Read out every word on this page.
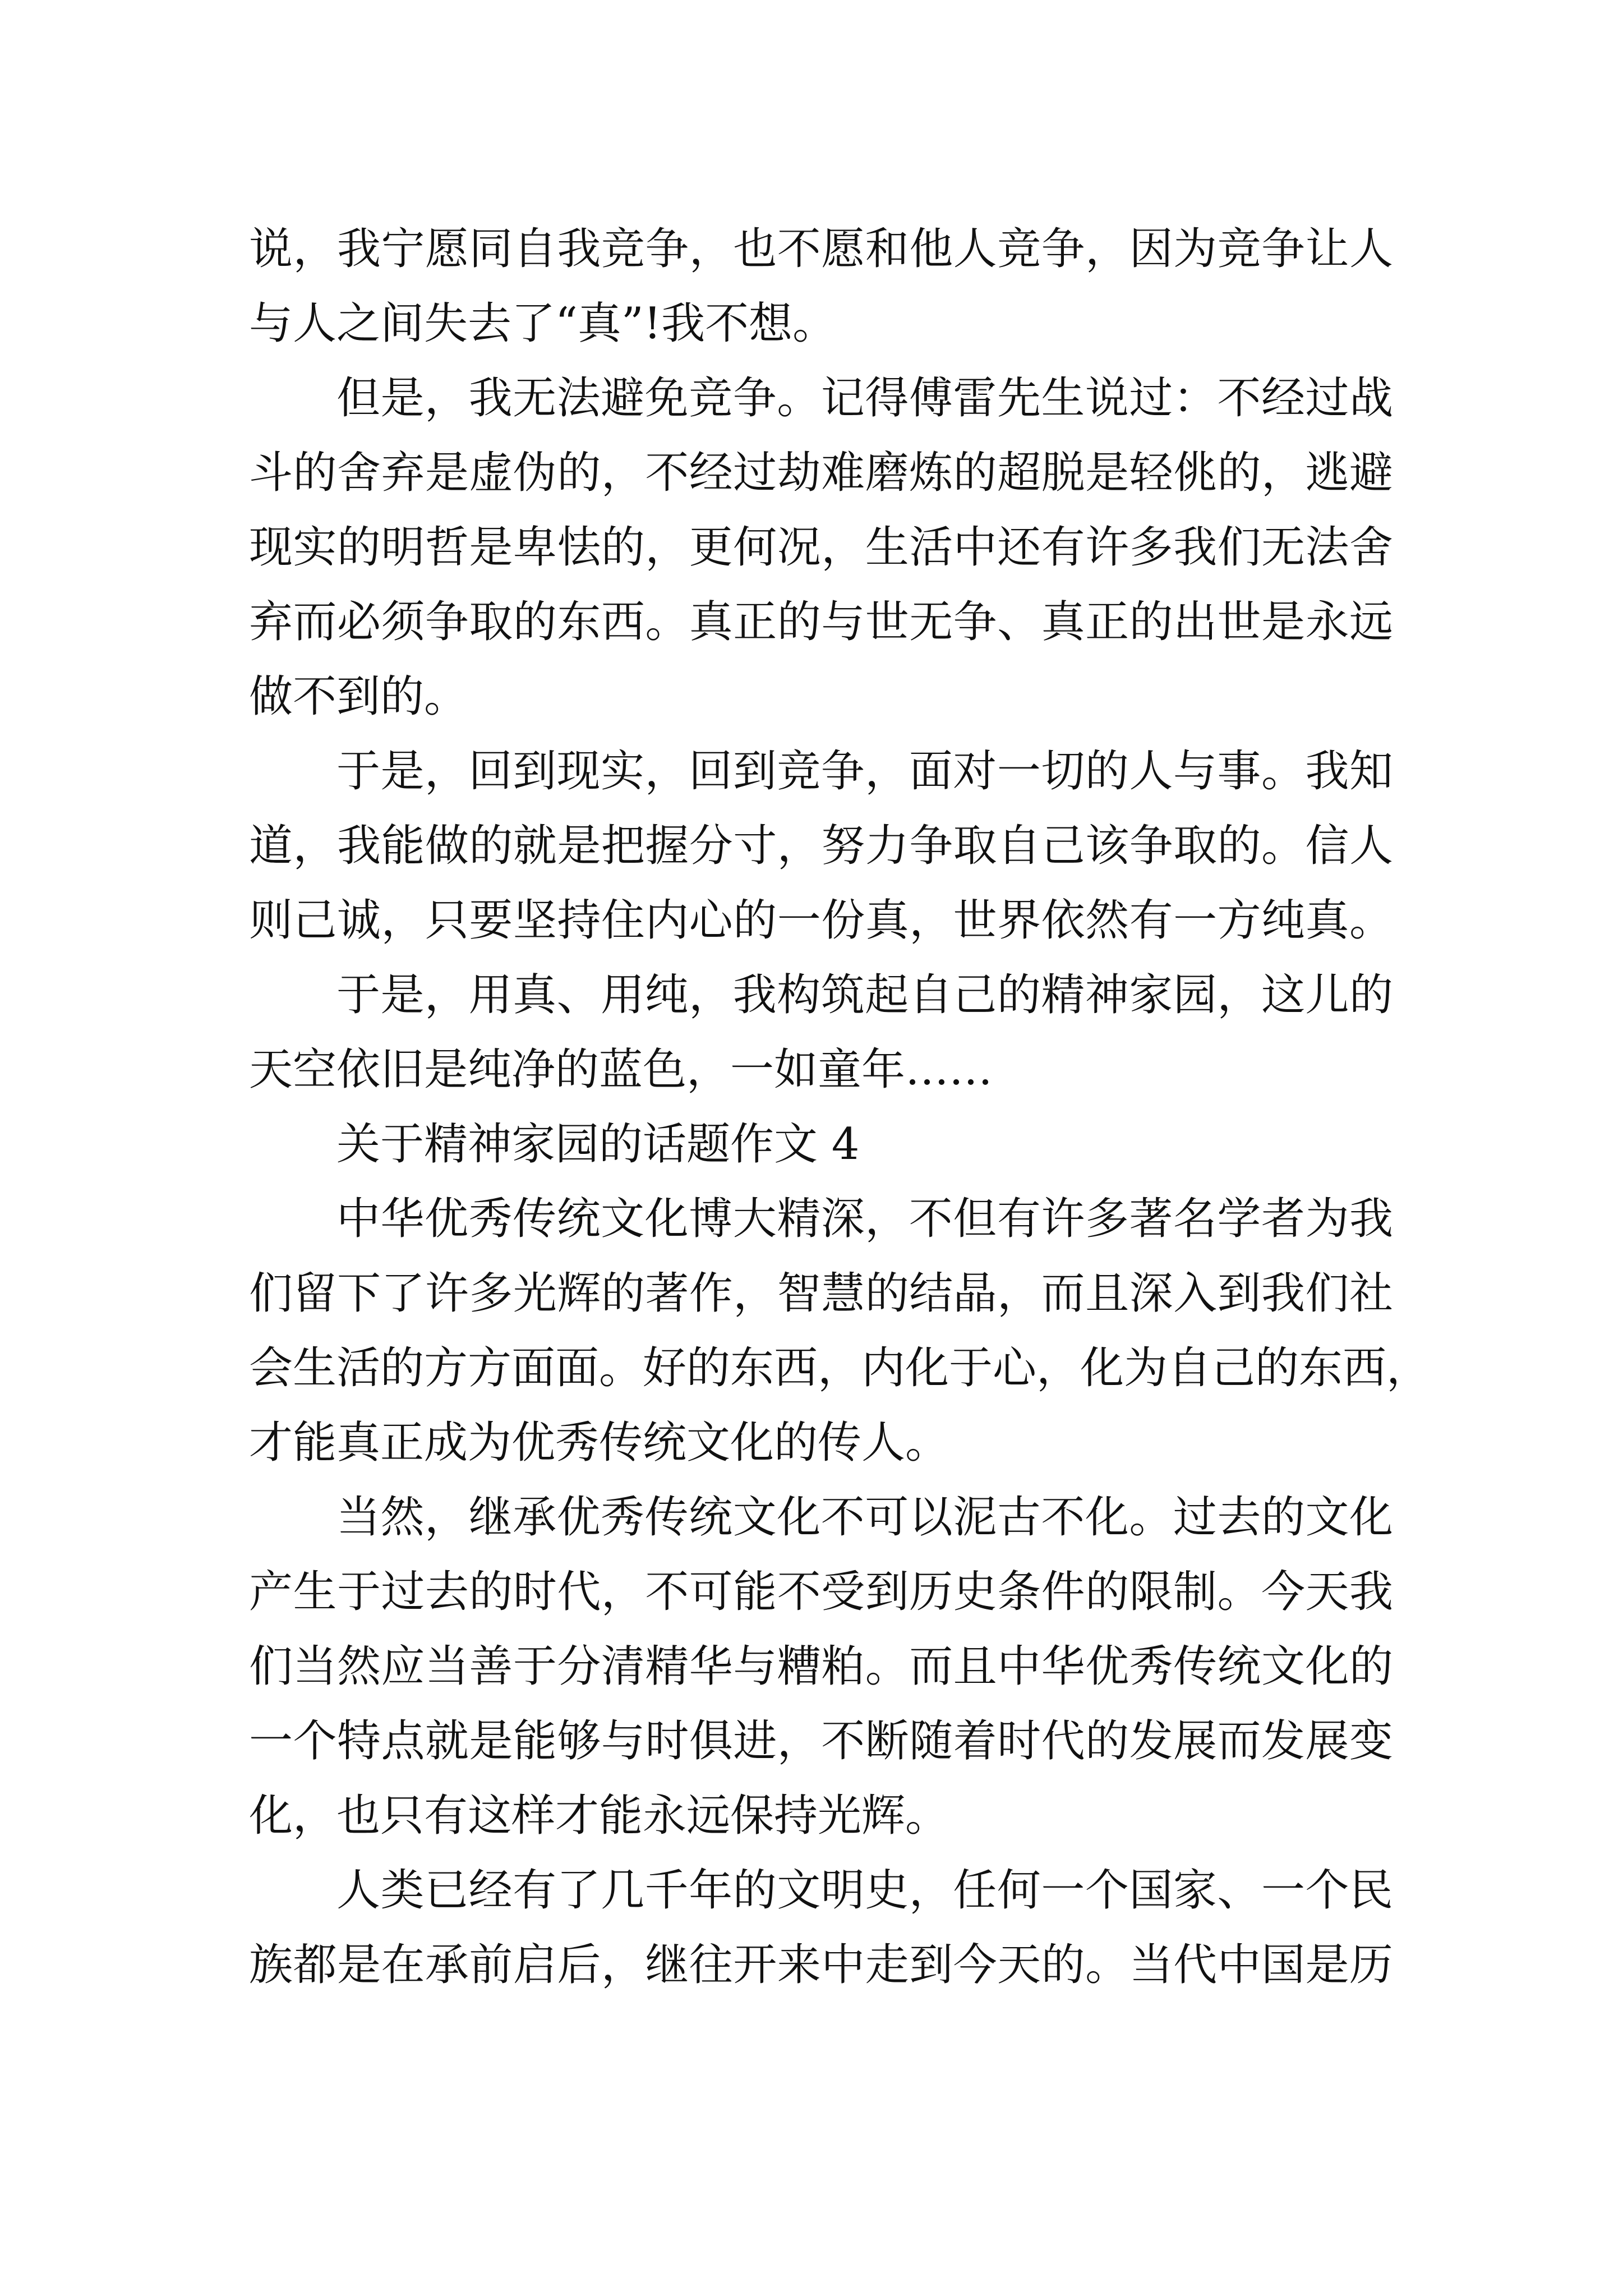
说，我宁愿同自我竞争，也不愿和他人竞争，因为竞争让人
与人之间失去了“真”!我不想。
但是，我无法避免竞争。记得傅雷先生说过：不经过战
斗的舍弃是虚伪的，不经过劫难磨炼的超脱是轻佻的，逃避
现实的明哲是卑怯的，更何况，生活中还有许多我们无法舍
弃而必须争取的东西。真正的与世无争、真正的出世是永远
做不到的。
于是，回到现实，回到竞争，面对一切的人与事。我知
道，我能做的就是把握分寸，努力争取自己该争取的。信人
则己诚，只要坚持住内心的一份真，世界依然有一方纯真。
于是，用真、用纯，我构筑起自己的精神家园，这儿的
天空依旧是纯净的蓝色，一如童年……
关于精神家园的话题作文 4
中华优秀传统文化博大精深，不但有许多著名学者为我
们留下了许多光辉的著作，智慧的结晶，而且深入到我们社
会生活的方方面面。好的东西，内化于心，化为自己的东西，
才能真正成为优秀传统文化的传人。
当然，继承优秀传统文化不可以泥古不化。过去的文化
产生于过去的时代，不可能不受到历史条件的限制。今天我
们当然应当善于分清精华与糟粕。而且中华优秀传统文化的
一个特点就是能够与时俱进，不断随着时代的发展而发展变
化，也只有这样才能永远保持光辉。
人类已经有了几千年的文明史，任何一个国家、一个民
族都是在承前启后，继往开来中走到今天的。当代中国是历
